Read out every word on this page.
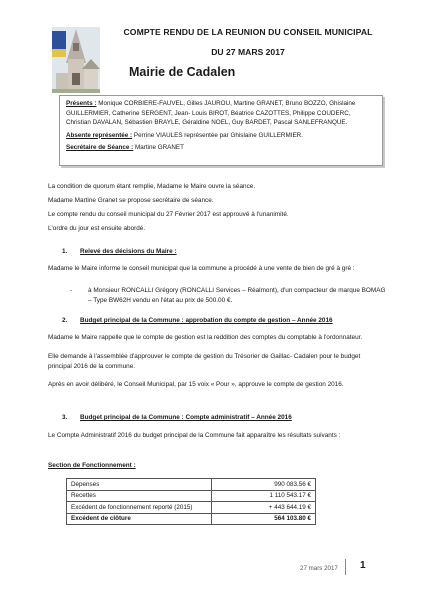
COMPTE RENDU DE LA REUNION DU CONSEIL MUNICIPAL
DU 27 MARS 2017
Mairie de Cadalen

Présents : Monique CORBIERE-FAUVEL, Gilles JAUROU, Martine GRANET, Bruno BOZZO, Ghislaine GUILLERMIER, Catherine SERGENT, Jean- Louis BIROT, Béatrice CAZOTTES, Philippe COUDERC, Christian DAVALAN, Sébastien BRAYLE, Géraldine NOEL, Guy BARDET, Pascal SANLEFRANQUE.

Absente représentée : Perrine VIAULES représentée par Ghislaine GUILLERMIER.

Secrétaire de Séance : Martine GRANET

La condition de quorum étant remplie, Madame le Maire ouvre la séance.
Madame Martine Granet se propose secrétaire de séance.
Le compte rendu du conseil municipal du 27 Février 2017 est approuvé à l'unanimité.
L'ordre du jour est ensuite abordé.
1. Relevé des décisions du Maire :
Madame le Maire informe le conseil municipal que la commune a procédé à une vente de bien de gré à gré :
- à Monsieur RONCALLI Grégory (RONCALLI Services – Réalmont), d'un compacteur de marque BOMAG – Type BW62H vendu en l'état au prix de 500.00 €.
2. Budget principal de la Commune : approbation du compte de gestion – Année 2016
Madame le Maire rappelle que le compte de gestion est la reddition des comptes du comptable à l'ordonnateur.
Elle demande à l'assemblée d'approuver le compte de gestion du Trésorier de Gaillac- Cadalen pour le budget principal 2016 de la commune.
Après en avoir délibéré, le Conseil Municipal, par 15 voix « Pour », approuve le compte de gestion 2016.
Section de Fonctionnement :
Dépenses	990 083.56 €
Recettes	1 110 543.17 €
Excédent de fonctionnement reporté (2015)	+ 443 644.19 €
Excédent de clôture	564 103.80 €
27 mars 2017 1
3. Budget principal de la Commune : Compte administratif – Année 2016
Le Compte Administratif 2016 du budget principal de la Commune fait apparaître les résultats suivants :
